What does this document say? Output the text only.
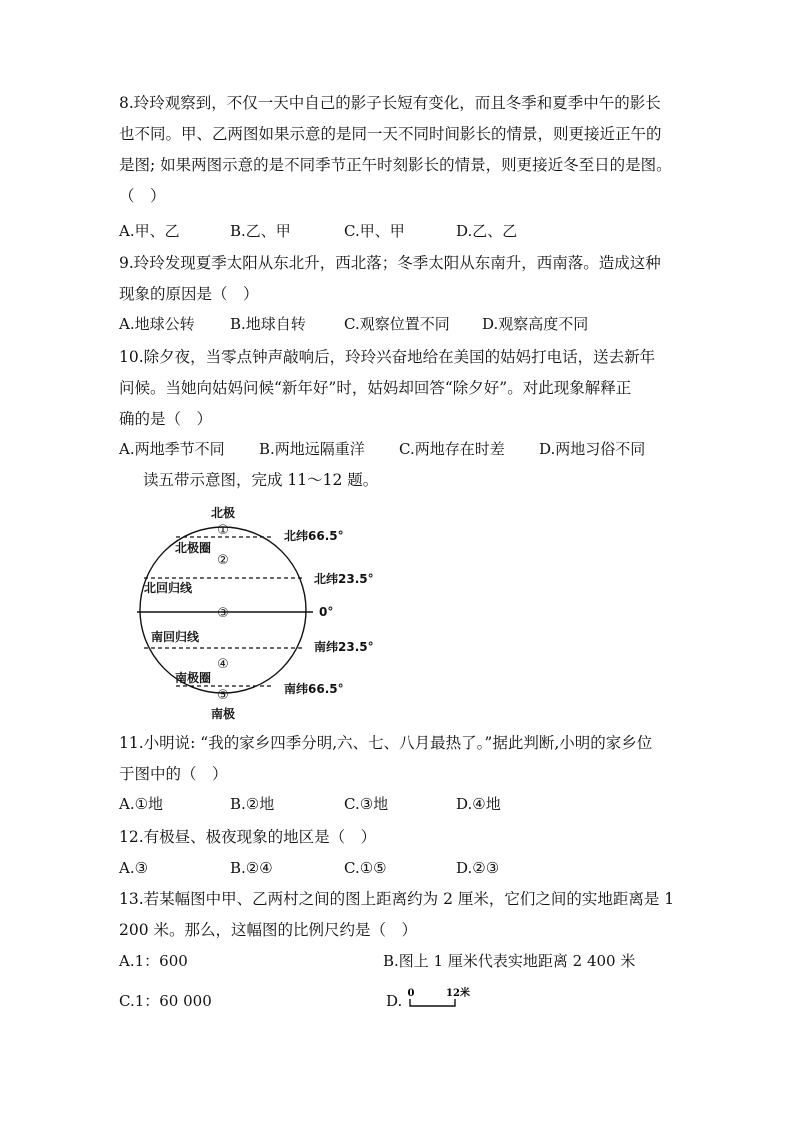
8.玲玲观察到，不仅一天中自己的影子长短有变化，而且冬季和夏季中午的影长
也不同。甲、乙两图如果示意的是同一天不同时间影长的情景，则更接近正午的
是图; 如果两图示意的是不同季节正午时刻影长的情景，则更接近冬至日的是图。
（　）
A.甲、乙	B.乙、甲	C.甲、甲	D.乙、乙
9.玲玲发现夏季太阳从东北升，西北落；冬季太阳从东南升，西南落。造成这种
现象的原因是（　）
A.地球公转 B.地球自转	C.观察位置不同 D.观察高度不同
10.除夕夜，当零点钟声敲响后，玲玲兴奋地给在美国的姑妈打电话，送去新年
问候。当她向姑妈问候“新年好”时，姑妈却回答“除夕好”。对此现象解释正
确的是（　）
A.两地季节不同 B.两地远隔重洋 C.两地存在时差 D.两地习俗不同
读五带示意图，完成 11～12 题。
北极
①
北极圈
②
北回归线
③
南回归线
④
南极圈
⑤
南极
北纬66.5°
北纬23.5°
0°
南纬23.5°
南纬66.5°
11.小明说: “我的家乡四季分明,六、七、八月最热了。”据此判断,小明的家乡位
于图中的（　）
A.①地	B.②地	C.③地	D.④地
12.有极昼、极夜现象的地区是（　）
A.③	B.②④	C.①⑤	D.②③
13.若某幅图中甲、乙两村之间的图上距离约为 2 厘米，它们之间的实地距离是 1
200 米。那么，这幅图的比例尺约是（　）
A.1：600	B.图上 1 厘米代表实地距离 2 400 米
C.1：60 000	D. 0	12米
